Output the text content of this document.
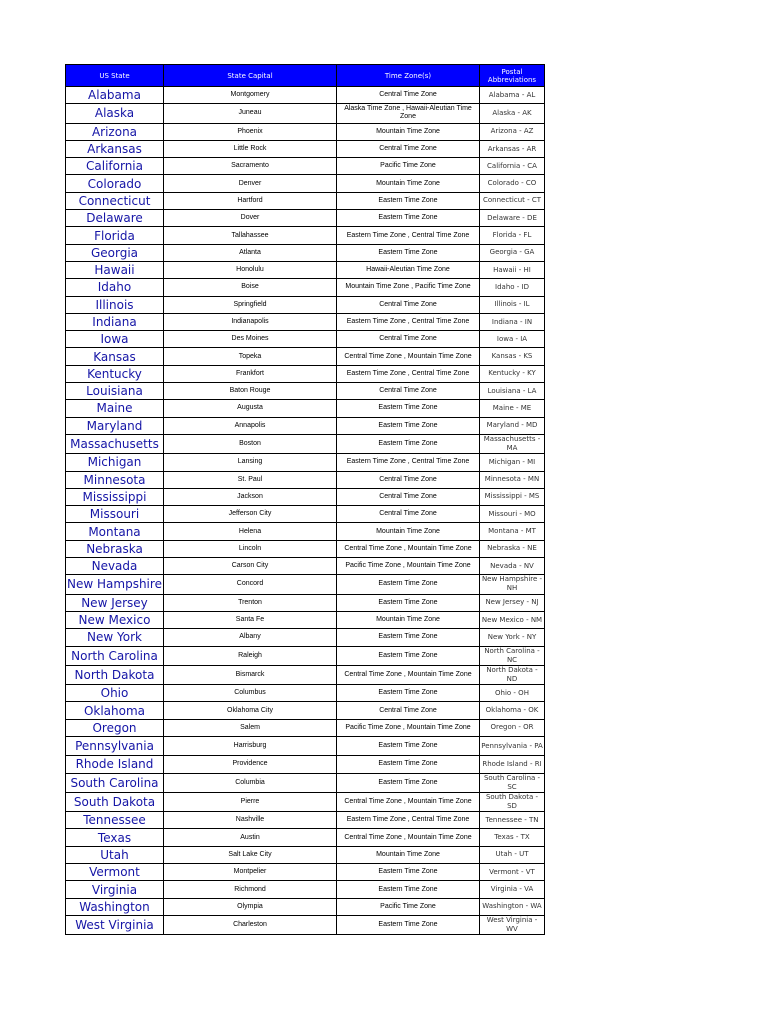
US State	State Capital	Time Zone(s)	Postal Abbreviations
Alabama	Montgomery	Central Time Zone	Alabama - AL
Alaska	Juneau	Alaska Time Zone , Hawaii-Aleutian Time Zone	Alaska - AK
Arizona	Phoenix	Mountain Time Zone	Arizona - AZ
Arkansas	Little Rock	Central Time Zone	Arkansas - AR
California	Sacramento	Pacific Time Zone	California - CA
Colorado	Denver	Mountain Time Zone	Colorado - CO
Connecticut	Hartford	Eastern Time Zone	Connecticut - CT
Delaware	Dover	Eastern Time Zone	Delaware - DE
Florida	Tallahassee	Eastern Time Zone , Central Time Zone	Florida - FL
Georgia	Atlanta	Eastern Time Zone	Georgia - GA
Hawaii	Honolulu	Hawaii-Aleutian Time Zone	Hawaii - HI
Idaho	Boise	Mountain Time Zone , Pacific Time Zone	Idaho - ID
Illinois	Springfield	Central Time Zone	Illinois - IL
Indiana	Indianapolis	Eastern Time Zone , Central Time Zone	Indiana - IN
Iowa	Des Moines	Central Time Zone	Iowa - IA
Kansas	Topeka	Central Time Zone , Mountain Time Zone	Kansas - KS
Kentucky	Frankfort	Eastern Time Zone , Central Time Zone	Kentucky - KY
Louisiana	Baton Rouge	Central Time Zone	Louisiana - LA
Maine	Augusta	Eastern Time Zone	Maine - ME
Maryland	Annapolis	Eastern Time Zone	Maryland - MD
Massachusetts	Boston	Eastern Time Zone	Massachusetts - MA
Michigan	Lansing	Eastern Time Zone , Central Time Zone	Michigan - MI
Minnesota	St. Paul	Central Time Zone	Minnesota - MN
Mississippi	Jackson	Central Time Zone	Mississippi - MS
Missouri	Jefferson City	Central Time Zone	Missouri - MO
Montana	Helena	Mountain Time Zone	Montana - MT
Nebraska	Lincoln	Central Time Zone , Mountain Time Zone	Nebraska - NE
Nevada	Carson City	Pacific Time Zone , Mountain Time Zone	Nevada - NV
New Hampshire	Concord	Eastern Time Zone	New Hampshire - NH
New Jersey	Trenton	Eastern Time Zone	New Jersey - NJ
New Mexico	Santa Fe	Mountain Time Zone	New Mexico - NM
New York	Albany	Eastern Time Zone	New York - NY
North Carolina	Raleigh	Eastern Time Zone	North Carolina - NC
North Dakota	Bismarck	Central Time Zone , Mountain Time Zone	North Dakota - ND
Ohio	Columbus	Eastern Time Zone	Ohio - OH
Oklahoma	Oklahoma City	Central Time Zone	Oklahoma - OK
Oregon	Salem	Pacific Time Zone , Mountain Time Zone	Oregon - OR
Pennsylvania	Harrisburg	Eastern Time Zone	Pennsylvania - PA
Rhode Island	Providence	Eastern Time Zone	Rhode Island - RI
South Carolina	Columbia	Eastern Time Zone	South Carolina - SC
South Dakota	Pierre	Central Time Zone , Mountain Time Zone	South Dakota - SD
Tennessee	Nashville	Eastern Time Zone , Central Time Zone	Tennessee - TN
Texas	Austin	Central Time Zone , Mountain Time Zone	Texas - TX
Utah	Salt Lake City	Mountain Time Zone	Utah - UT
Vermont	Montpelier	Eastern Time Zone	Vermont - VT
Virginia	Richmond	Eastern Time Zone	Virginia - VA
Washington	Olympia	Pacific Time Zone	Washington - WA
West Virginia	Charleston	Eastern Time Zone	West Virginia - WV
